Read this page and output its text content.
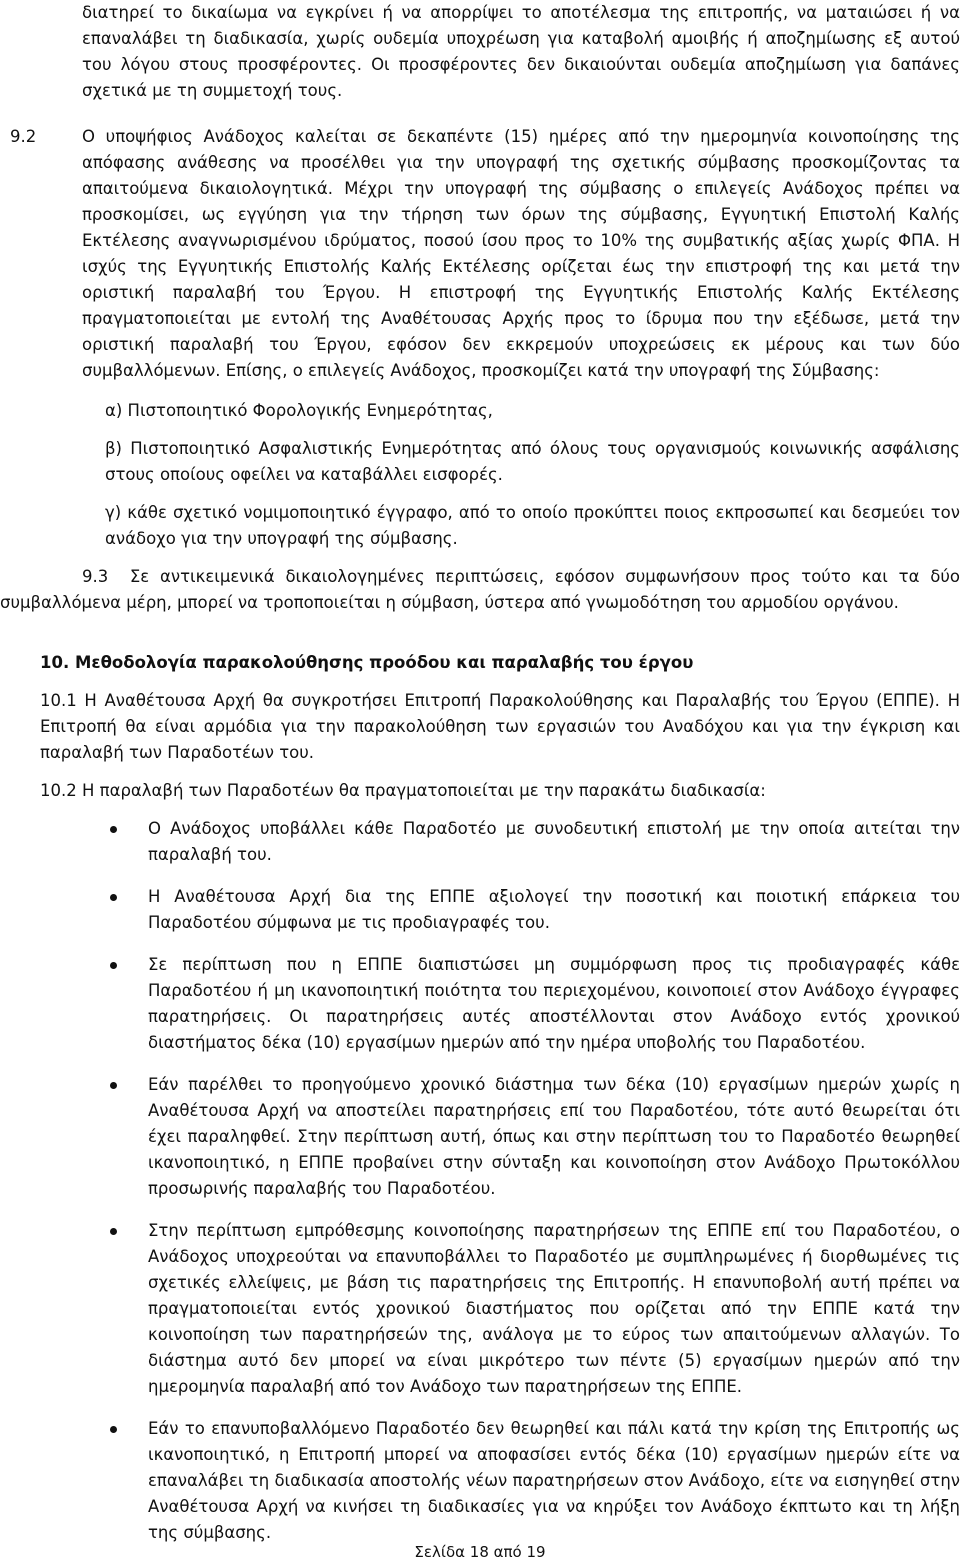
διατηρεί το δικαίωμα να εγκρίνει ή να απορρίψει το αποτέλεσμα της επιτροπής, να ματαιώσει ή να επαναλάβει τη διαδικασία, χωρίς ουδεμία υποχρέωση για καταβολή αμοιβής ή αποζημίωσης εξ αυτού του λόγου στους προσφέροντες. Οι προσφέροντες δεν δικαιούνται ουδεμία αποζημίωση για δαπάνες σχετικά με τη συμμετοχή τους.

9.2	Ο υποψήφιος Ανάδοχος καλείται σε δεκαπέντε (15) ημέρες από την ημερομηνία κοινοποίησης της απόφασης ανάθεσης να προσέλθει για την υπογραφή της σχετικής σύμβασης προσκομίζοντας τα απαιτούμενα δικαιολογητικά. Μέχρι την υπογραφή της σύμβασης ο επιλεγείς Ανάδοχος πρέπει να προσκομίσει, ως εγγύηση για την τήρηση των όρων της σύμβασης, Εγγυητική Επιστολή Καλής Εκτέλεσης αναγνωρισμένου ιδρύματος, ποσού ίσου προς το 10% της συμβατικής αξίας χωρίς ΦΠΑ. Η ισχύς της Εγγυητικής Επιστολής Καλής Εκτέλεσης ορίζεται έως την επιστροφή της και μετά την οριστική παραλαβή του Έργου. Η επιστροφή της Εγγυητικής Επιστολής Καλής Εκτέλεσης πραγματοποιείται με εντολή της Αναθέτουσας Αρχής προς το ίδρυμα που την εξέδωσε, μετά την οριστική παραλαβή του Έργου, εφόσον δεν εκκρεμούν υποχρεώσεις εκ μέρους και των δύο συμβαλλόμενων. Επίσης, ο επιλεγείς Ανάδοχος, προσκομίζει κατά την υπογραφή της Σύμβασης:

α) Πιστοποιητικό Φορολογικής Ενημερότητας,

β) Πιστοποιητικό Ασφαλιστικής Ενημερότητας από όλους τους οργανισμούς κοινωνικής ασφάλισης στους οποίους οφείλει να καταβάλλει εισφορές.

γ) κάθε σχετικό νομιμοποιητικό έγγραφο, από το οποίο προκύπτει ποιος εκπροσωπεί και δεσμεύει τον ανάδοχο για την υπογραφή της σύμβασης.

9.3 Σε αντικειμενικά δικαιολογημένες περιπτώσεις, εφόσον συμφωνήσουν προς τούτο και τα δύο συμβαλλόμενα μέρη, μπορεί να τροποποιείται η σύμβαση, ύστερα από γνωμοδότηση του αρμοδίου οργάνου.

10. Μεθοδολογία παρακολούθησης προόδου και παραλαβής του έργου

10.1 Η Αναθέτουσα Αρχή θα συγκροτήσει Επιτροπή Παρακολούθησης και Παραλαβής του Έργου (ΕΠΠΕ). Η Επιτροπή θα είναι αρμόδια για την παρακολούθηση των εργασιών του Αναδόχου και για την έγκριση και παραλαβή των Παραδοτέων του.

10.2 Η παραλαβή των Παραδοτέων θα πραγματοποιείται με την παρακάτω διαδικασία:

Ο Ανάδοχος υποβάλλει κάθε Παραδοτέο με συνοδευτική επιστολή με την οποία αιτείται την παραλαβή του.
Η Αναθέτουσα Αρχή δια της ΕΠΠΕ αξιολογεί την ποσοτική και ποιοτική επάρκεια του Παραδοτέου σύμφωνα με τις προδιαγραφές του.
Σε περίπτωση που η ΕΠΠΕ διαπιστώσει μη συμμόρφωση προς τις προδιαγραφές κάθε Παραδοτέου ή μη ικανοποιητική ποιότητα του περιεχομένου, κοινοποιεί στον Ανάδοχο έγγραφες παρατηρήσεις. Οι παρατηρήσεις αυτές αποστέλλονται στον Ανάδοχο εντός χρονικού διαστήματος δέκα (10) εργασίμων ημερών από την ημέρα υποβολής του Παραδοτέου.
Εάν παρέλθει το προηγούμενο χρονικό διάστημα των δέκα (10) εργασίμων ημερών χωρίς η Αναθέτουσα Αρχή να αποστείλει παρατηρήσεις επί του Παραδοτέου, τότε αυτό θεωρείται ότι έχει παραληφθεί. Στην περίπτωση αυτή, όπως και στην περίπτωση του το Παραδοτέο θεωρηθεί ικανοποιητικό, η ΕΠΠΕ προβαίνει στην σύνταξη και κοινοποίηση στον Ανάδοχο Πρωτοκόλλου προσωρινής παραλαβής του Παραδοτέου.
Στην περίπτωση εμπρόθεσμης κοινοποίησης παρατηρήσεων της ΕΠΠΕ επί του Παραδοτέου, ο Ανάδοχος υποχρεούται να επανυποβάλλει το Παραδοτέο με συμπληρωμένες ή διορθωμένες τις σχετικές ελλείψεις, με βάση τις παρατηρήσεις της Επιτροπής. Η επανυποβολή αυτή πρέπει να πραγματοποιείται εντός χρονικού διαστήματος που ορίζεται από την ΕΠΠΕ κατά την κοινοποίηση των παρατηρήσεών της, ανάλογα με το εύρος των απαιτούμενων αλλαγών. Το διάστημα αυτό δεν μπορεί να είναι μικρότερο των πέντε (5) εργασίμων ημερών από την ημερομηνία παραλαβή από τον Ανάδοχο των παρατηρήσεων της ΕΠΠΕ.
Εάν το επανυποβαλλόμενο Παραδοτέο δεν θεωρηθεί και πάλι κατά την κρίση της Επιτροπής ως ικανοποιητικό, η Επιτροπή μπορεί να αποφασίσει εντός δέκα (10) εργασίμων ημερών είτε να επαναλάβει τη διαδικασία αποστολής νέων παρατηρήσεων στον Ανάδοχο, είτε να εισηγηθεί στην Αναθέτουσα Αρχή να κινήσει τη διαδικασίες για να κηρύξει τον Ανάδοχο έκπτωτο και τη λήξη της σύμβασης.
Σελίδα 18 από 19
